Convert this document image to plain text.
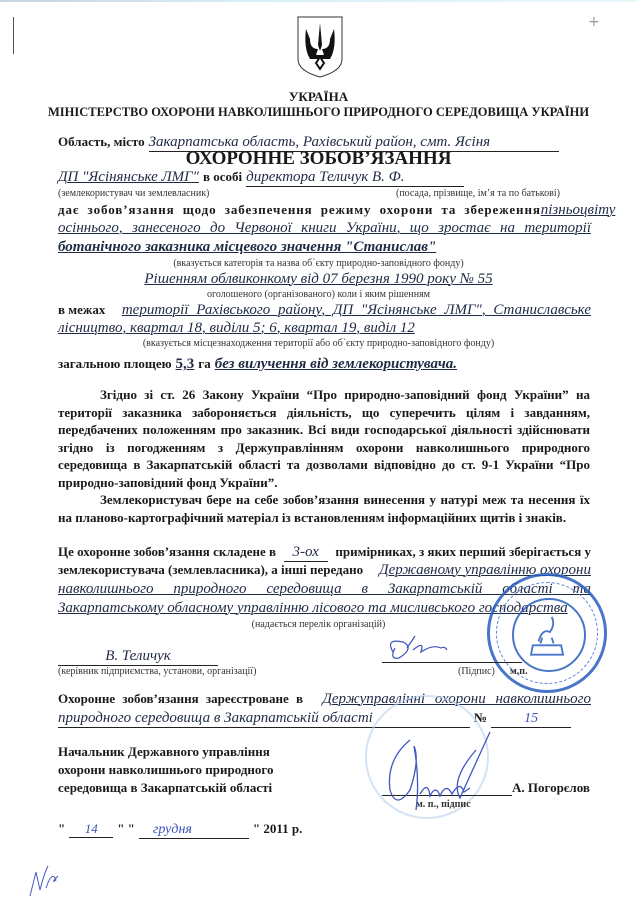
+
УКРАЇНА
МІНІСТЕРСТВО ОХОРОНИ НАВКОЛИШНЬОГО ПРИРОДНОГО СЕРЕДОВИЩА УКРАЇНИ
Область, місто Закарпатська область, Рахівський район, смт. Ясіня
ОХОРОННЕ ЗОБОВ’ЯЗАННЯ
ДП "Ясінянське ЛМГ" в особі директора Теличук В. Ф.
(землекористувач чи землевласник)	(посада, прізвище, ім’я та по батькові)
дає зобов’язання щодо забезпечення режиму охорони та збереження пізньоцвіту
осіннього, занесеного до Червоної книги України, що зростає на території
ботанічного заказника місцевого значення "Станислав"
(вказується категорія та назва об`єкту природно-заповідного фонду)
Рішенням облвиконкому від 07 березня 1990 року № 55
оголошеного (організованого) коли і яким рішенням
в межах території Рахівського району, ДП "Ясінянське ЛМГ", Станиславське
лісництво, квартал 18, виділи 5; 6, квартал 19, виділ 12
(вказується місцезнаходження території або об`єкту природно-заповідного фонду)
загальною площею 5,3 га без вилучення від землекористувача.
Згідно зі ст. 26 Закону України “Про природно-заповідний фонд України” на території заказника забороняється діяльність, що суперечить цілям і завданням, передбачених положенням про заказник. Всі види господарської діяльності здійснювати згідно із погодженням з Держуправлінням охорони навколишнього природного середовища в Закарпатській області та дозволами відповідно до ст. 9-1 України “Про природно-заповідний фонд України”.
Землекористувач бере на себе зобов’язання винесення у натурі меж та несення їх на планово-картографічний матеріал із встановленням інформаційних щитів і знаків.
Це охоронне зобов’язання складене в	3-ох	примірниках, з яких перший зберігається у
землекористувача (землевласника), а інші передано Державному управлінню охорони
навколишнього природного середовища в Закарпатській області та
Закарпатському обласному управлінню лісового та мисливського господарства
(надається перелік організацій)
В. Теличук
(керівник підприємства, установи, організації)	(Підпис) м.п.
Охоронне зобов’язання зареєстроване в Держуправлінні охорони навколишнього
природного середовища в Закарпатській області	№	15
Начальник Державного управління
охорони навколишнього природного
середовища в Закарпатській області	А. Погорєлов
м. п., підпис
" 14 " " грудня	" 2011 р.
